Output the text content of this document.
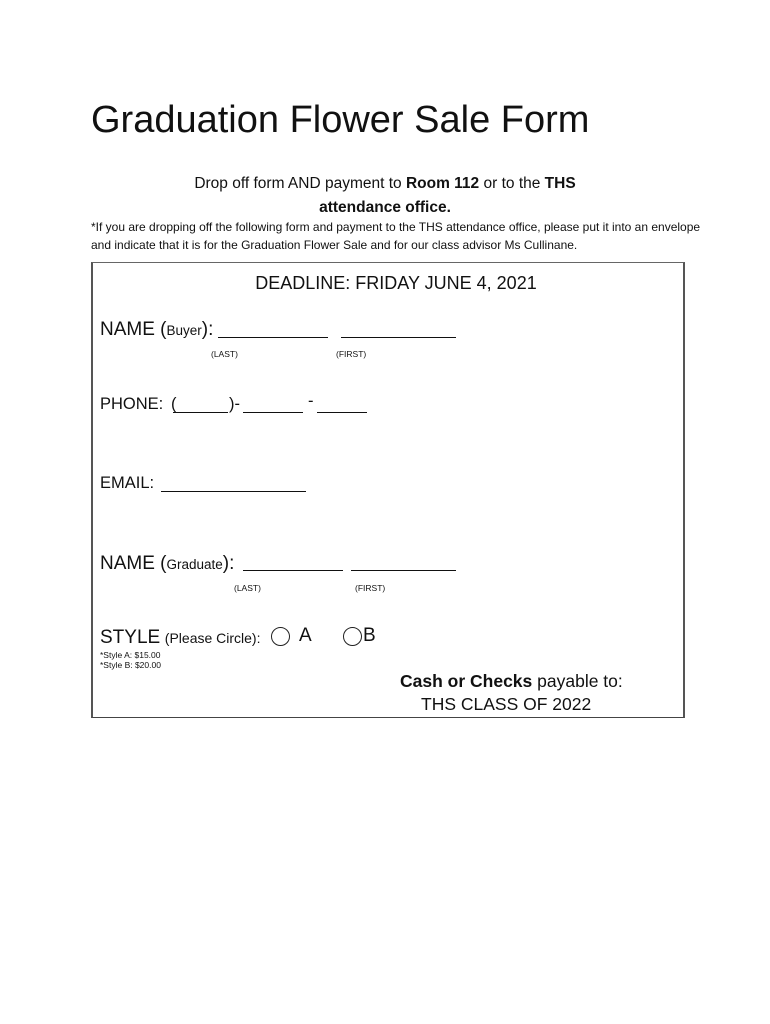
Graduation Flower Sale Form
Drop off form AND payment to Room 112 or to the THS
attendance office.
*If you are dropping off the following form and payment to the THS attendance office, please put it into an envelope and indicate that it is for the Graduation Flower Sale and for our class advisor Ms Cullinane.
DEADLINE: FRIDAY JUNE 4, 2021
NAME (Buyer):
(LAST)	(FIRST)
PHONE: (	)-	-
EMAIL:
NAME (Graduate):
(LAST)	(FIRST)
STYLE (Please Circle): A	B
*Style A: $15.00
*Style B: $20.00
Cash or Checks payable to:
THS CLASS OF 2022
